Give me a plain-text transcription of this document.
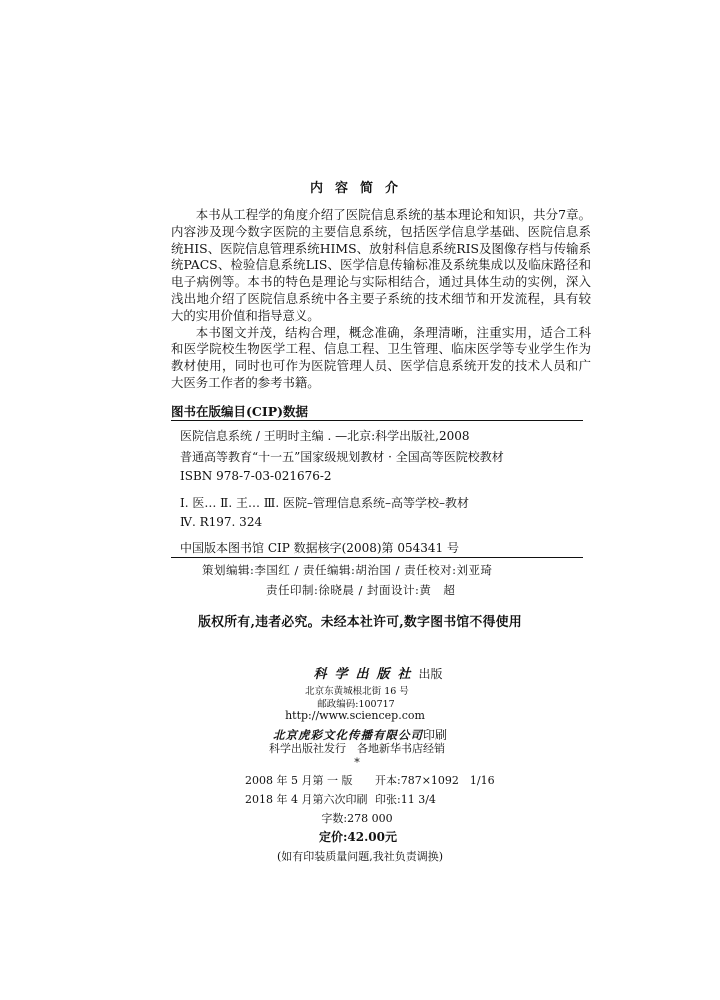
内容简介

本书从工程学的角度介绍了医院信息系统的基本理论和知识，共分7章。内容涉及现今数字医院的主要信息系统，包括医学信息学基础、医院信息系统HIS、医院信息管理系统HIMS、放射科信息系统RIS及图像存档与传输系统PACS、检验信息系统LIS、医学信息传输标准及系统集成以及临床路径和电子病例等。本书的特色是理论与实际相结合，通过具体生动的实例，深入浅出地介绍了医院信息系统中各主要子系统的技术细节和开发流程，具有较大的实用价值和指导意义。

本书图文并茂，结构合理，概念准确，条理清晰，注重实用，适合工科和医学院校生物医学工程、信息工程、卫生管理、临床医学等专业学生作为教材使用，同时也可作为医院管理人员、医学信息系统开发的技术人员和广大医务工作者的参考书籍。

图书在版编目(CIP)数据
医院信息系统 / 王明时主编 . —北京:科学出版社,2008
普通高等教育“十一五”国家级规划教材 · 全国高等医院校教材
ISBN 978-7-03-021676-2
Ⅰ. 医… Ⅱ. 王… Ⅲ. 医院–管理信息系统–高等学校–教材
Ⅳ. R197. 324
中国版本图书馆 CIP 数据核字(2008)第 054341 号
策划编辑:李国红 / 责任编辑:胡治国 / 责任校对:刘亚琦
责任印制:徐晓晨 / 封面设计:黄　超
版权所有,违者必究。未经本社许可,数字图书馆不得使用
科学出版社出版
北京东黄城根北街 16 号
邮政编码:100717
http://www.sciencep.com
北京虎彩文化传播有限公司印刷
科学出版社发行　各地新华书店经销
*
2008 年 5 月第 一 版 开本:787×1092　1/16
2018 年 4 月第六次印刷 印张:11 3/4
字数:278 000
定价:42.00元
(如有印装质量问题,我社负责调换)
